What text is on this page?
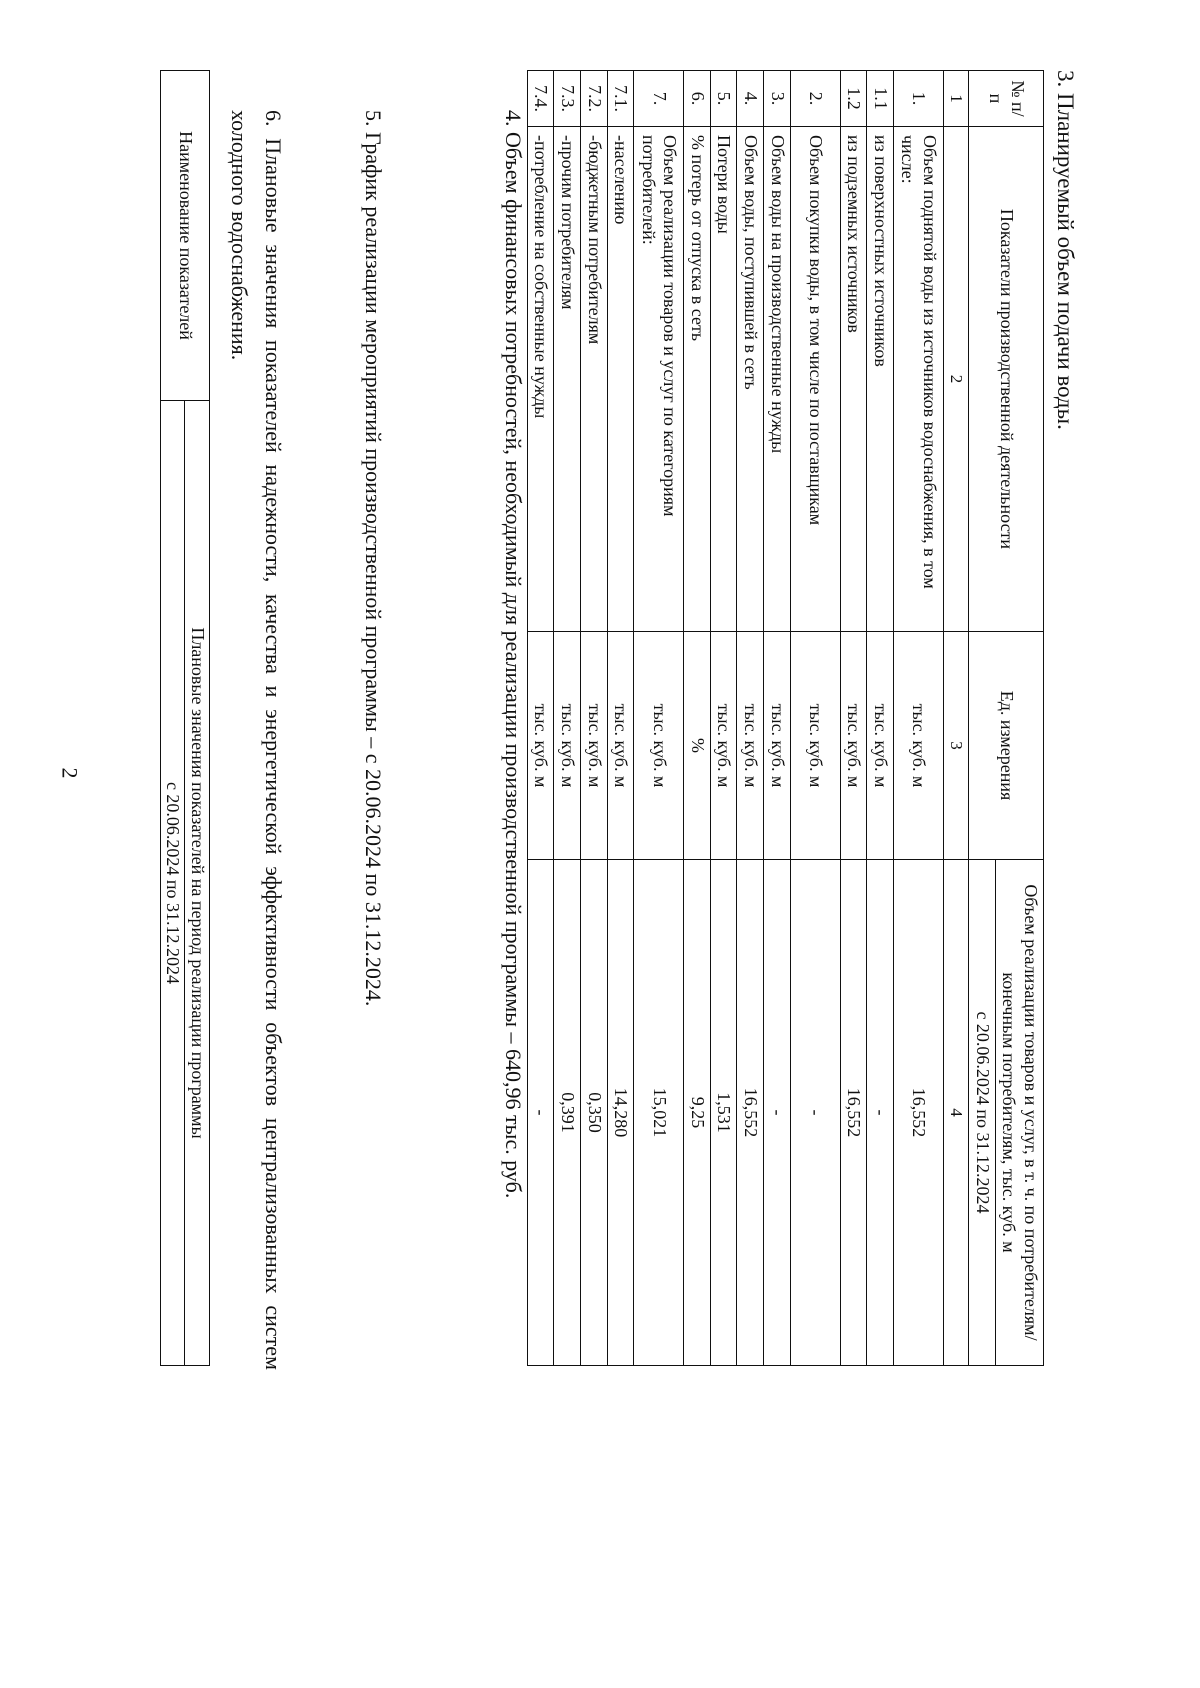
2
3. Планируемый объем подачи воды.
№ п/п	Показатели производственной деятельности	Ед. измерения	Объем реализации товаров и услуг, в т. ч. по потребителям/конечным потребителям, тыс. куб. м
			с 20.06.2024 по 31.12.2024
1	2	3	4
1.	Объем поднятой воды из источников водоснабжения, в том числе:	тыс. куб. м	16,552
1.1	из поверхностных источников	тыс. куб. м	-
1.2	из подземных источников	тыс. куб. м	16,552
2.	Объем покупки воды, в том числе по поставщикам	тыс. куб. м	-
3.	Объем воды на производственные нужды	тыс. куб. м	-
4.	Объем воды, поступившей в сеть	тыс. куб. м	16,552
5.	Потери воды	тыс. куб. м	1,531
6.	% потерь от отпуска в сеть	%	9,25
7.	Объем реализации товаров и услуг по категориям потребителей:	тыс. куб. м	15,021
7.1.	-населению	тыс. куб. м	14,280
7.2.	-бюджетным потребителям	тыс. куб. м	0,350
7.3.	-прочим потребителям	тыс. куб. м	0,391
7.4.	-потребление на собственные нужды	тыс. куб. м	-
4. Объем финансовых потребностей, необходимый для реализации производственной программы – 640,96 тыс. руб.
5. График реализации мероприятий производственной программы – с 20.06.2024 по 31.12.2024.
6. Плановые значения показателей надежности, качества и энергетической эффективности объектов централизованных систем холодного водоснабжения.
Наименование показателей	Плановые значения показателей на период реализации программы
с 20.06.2024 по 31.12.2024
